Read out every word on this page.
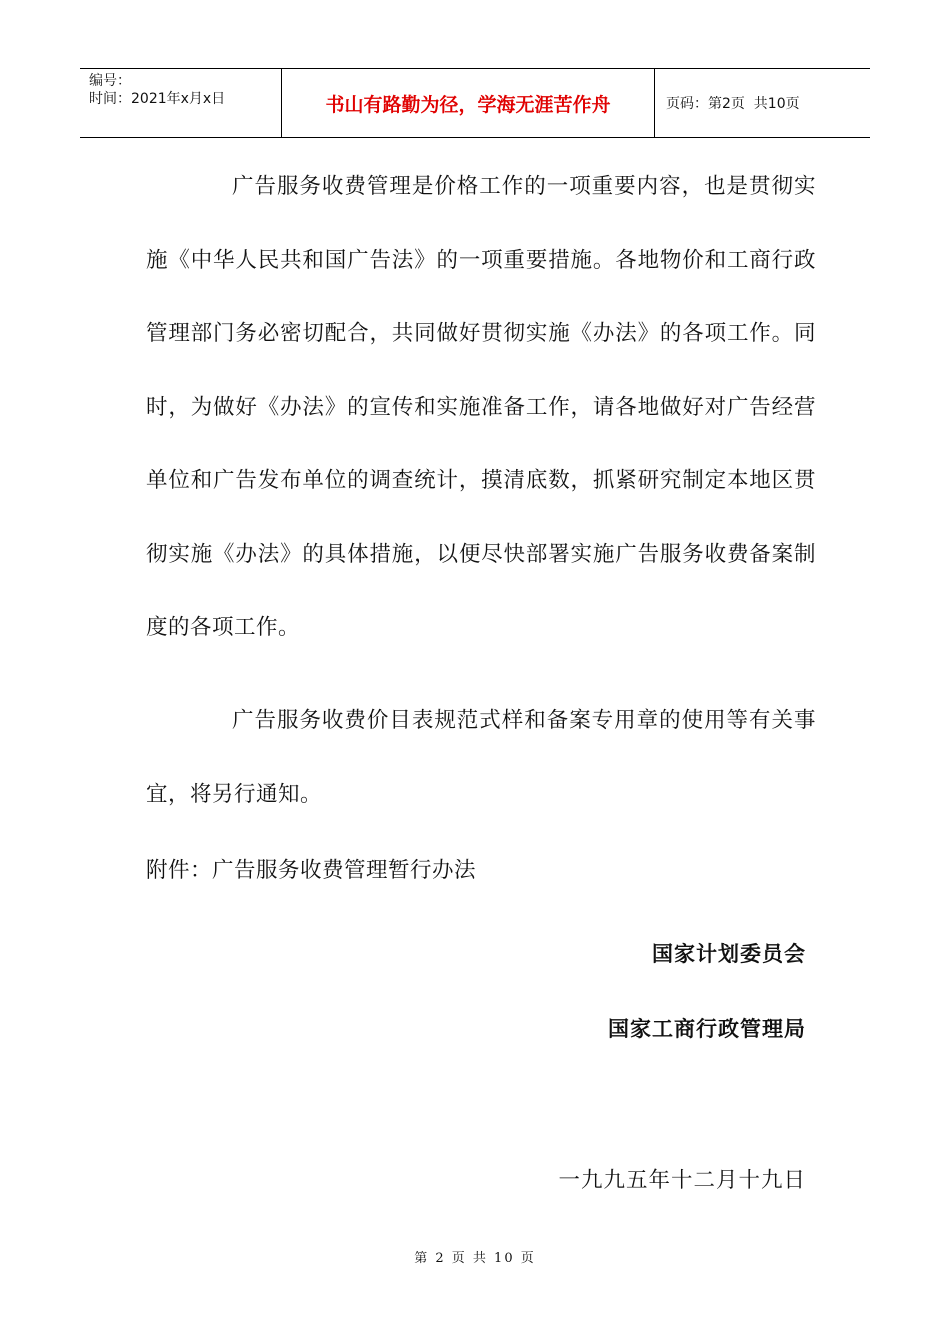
编号：
时间：2021年x月x日	书山有路勤为径，学海无涯苦作舟	页码：第2页  共10页
广告服务收费管理是价格工作的一项重要内容，也是贯彻实施《中华人民共和国广告法》的一项重要措施。各地物价和工商行政管理部门务必密切配合，共同做好贯彻实施《办法》的各项工作。同时，为做好《办法》的宣传和实施准备工作，请各地做好对广告经营单位和广告发布单位的调查统计，摸清底数，抓紧研究制定本地区贯彻实施《办法》的具体措施，以便尽快部署实施广告服务收费备案制度的各项工作。
广告服务收费价目表规范式样和备案专用章的使用等有关事宜，将另行通知。
附件：广告服务收费管理暂行办法
国家计划委员会
国家工商行政管理局
一九九五年十二月十九日
第 2 页 共 10 页
